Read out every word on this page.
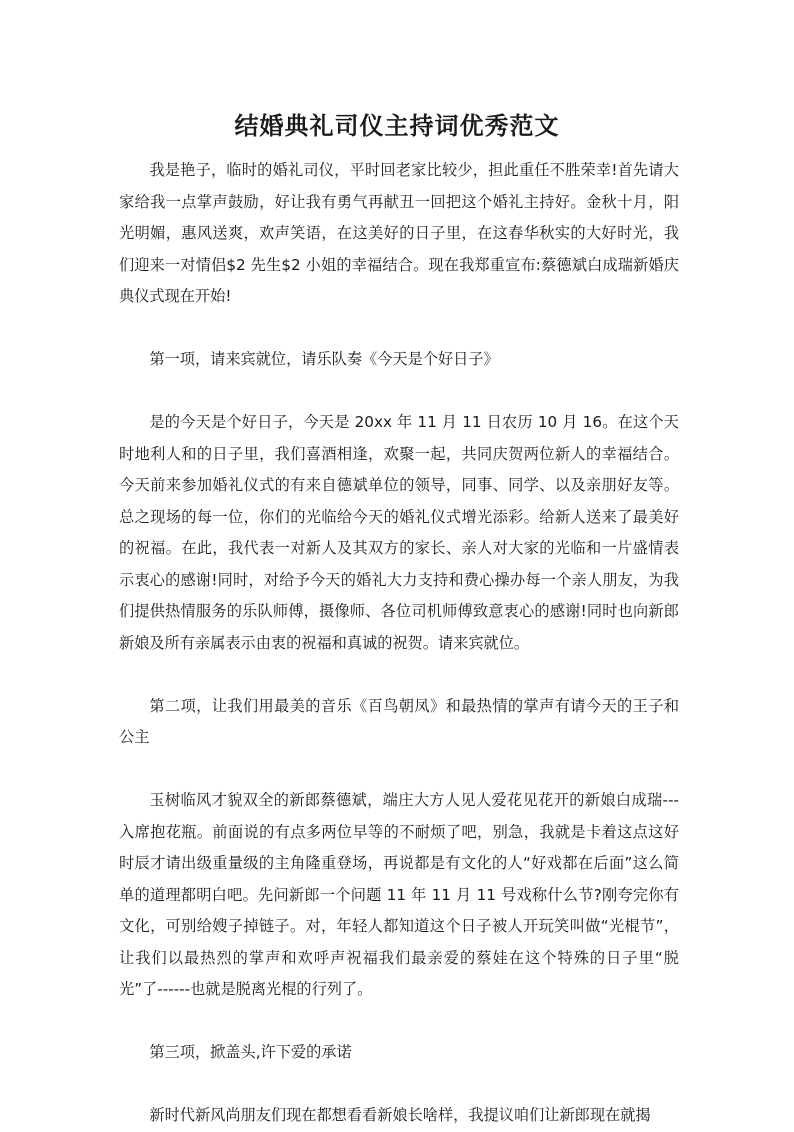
结婚典礼司仪主持词优秀范文

我是艳子，临时的婚礼司仪，平时回老家比较少，担此重任不胜荣幸!首先请大家给我一点掌声鼓励，好让我有勇气再献丑一回把这个婚礼主持好。金秋十月，阳光明媚，惠风送爽，欢声笑语，在这美好的日子里，在这春华秋实的大好时光，我们迎来一对情侣$2 先生$2 小姐的幸福结合。现在我郑重宣布:蔡德斌白成瑞新婚庆典仪式现在开始!

第一项，请来宾就位，请乐队奏《今天是个好日子》

是的今天是个好日子，今天是 20xx 年 11 月 11 日农历 10 月 16。在这个天时地利人和的日子里，我们喜酒相逢，欢聚一起，共同庆贺两位新人的幸福结合。今天前来参加婚礼仪式的有来自德斌单位的领导，同事、同学、以及亲朋好友等。总之现场的每一位，你们的光临给今天的婚礼仪式增光添彩。给新人送来了最美好的祝福。在此，我代表一对新人及其双方的家长、亲人对大家的光临和一片盛情表示衷心的感谢!同时，对给予今天的婚礼大力支持和费心操办每一个亲人朋友，为我们提供热情服务的乐队师傅，摄像师、各位司机师傅致意衷心的感谢!同时也向新郎新娘及所有亲属表示由衷的祝福和真诚的祝贺。请来宾就位。

第二项，让我们用最美的音乐《百鸟朝凤》和最热情的掌声有请今天的王子和公主

玉树临风才貌双全的新郎蔡德斌，端庄大方人见人爱花见花开的新娘白成瑞---入席抱花瓶。前面说的有点多两位早等的不耐烦了吧，别急，我就是卡着这点这好时辰才请出级重量级的主角隆重登场，再说都是有文化的人“好戏都在后面”这么简单的道理都明白吧。先问新郎一个问题 11 年 11 月 11 号戏称什么节?刚夸完你有文化，可别给嫂子掉链子。对，年轻人都知道这个日子被人开玩笑叫做“光棍节”，让我们以最热烈的掌声和欢呼声祝福我们最亲爱的蔡娃在这个特殊的日子里“脱光”了------也就是脱离光棍的行列了。

第三项，掀盖头,许下爱的承诺

新时代新风尚朋友们现在都想看看新娘长啥样，我提议咱们让新郎现在就揭
